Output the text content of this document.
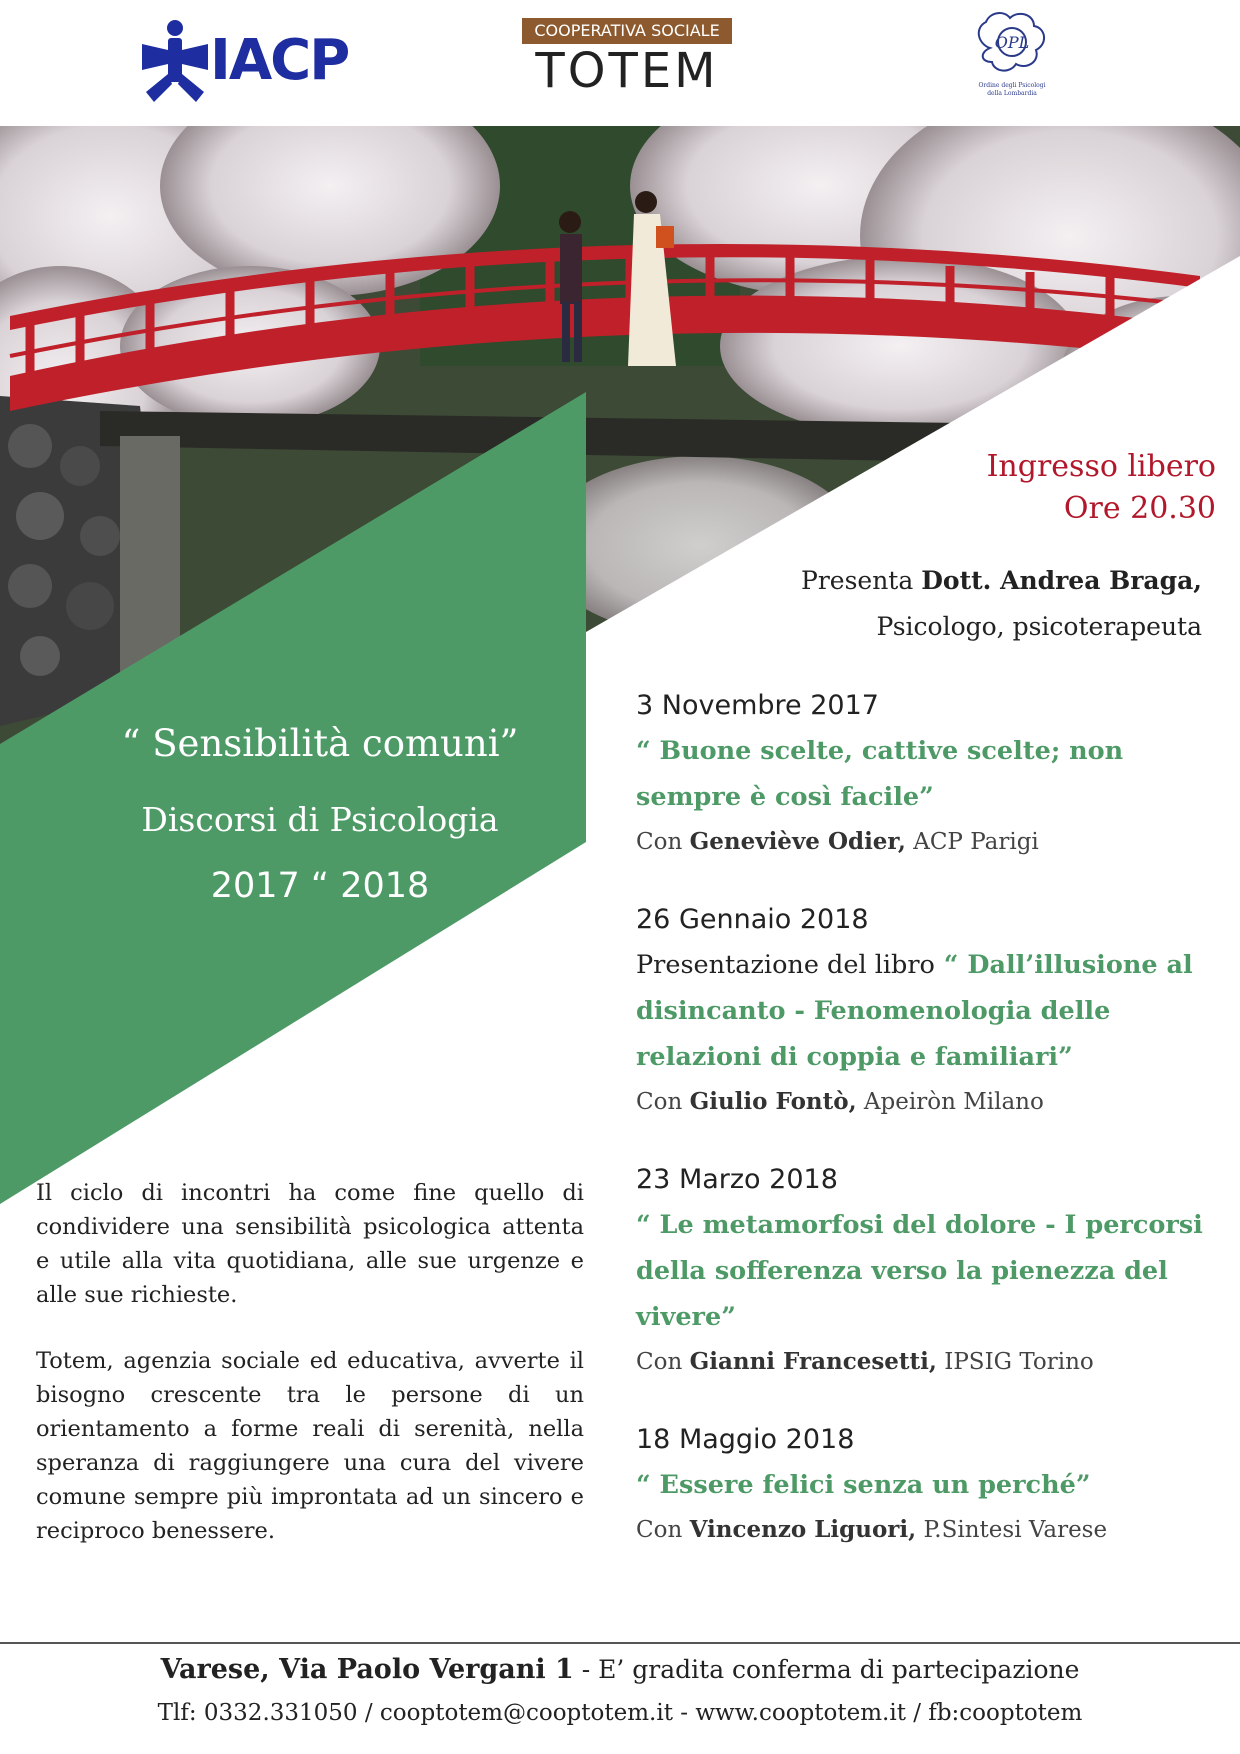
IACP	COOPERATIVA SOCIALE
TOTEM
OPL
Ordine degli Psicologi della Lombardia
“ Sensibilità comuni”
Discorsi di Psicologia
2017 “ 2018
Ingresso libero
Ore 20.30
Presenta Dott. Andrea Braga,
Psicologo, psicoterapeuta
3 Novembre 2017
“ Buone scelte, cattive scelte; non sempre è così facile”
Con Geneviève Odier, ACP Parigi
26 Gennaio 2018
Presentazione del libro “ Dall’illusione al disincanto - Fenomenologia delle relazioni di coppia e familiari”
Con Giulio Fontò, Apeiròn Milano
23 Marzo 2018
“ Le metamorfosi del dolore - I percorsi della sofferenza verso la pienezza del vivere”
Con Gianni Francesetti, IPSIG Torino
18 Maggio 2018
“ Essere felici senza un perché”
Con Vincenzo Liguori, P.Sintesi Varese

Il ciclo di incontri ha come fine quello di condividere una sensibilità psicologica attenta e utile alla vita quotidiana, alle sue urgenze e alle sue richieste.

Totem, agenzia sociale ed educativa, avverte il bisogno crescente tra le persone di un orientamento a forme reali di serenità, nella speranza di raggiungere una cura del vivere comune sempre più improntata ad un sincero e reciproco benessere.

Varese, Via Paolo Vergani 1 - E’ gradita conferma di partecipazione
Tlf: 0332.331050 / cooptotem@cooptotem.it - www.cooptotem.it / fb:cooptotem
